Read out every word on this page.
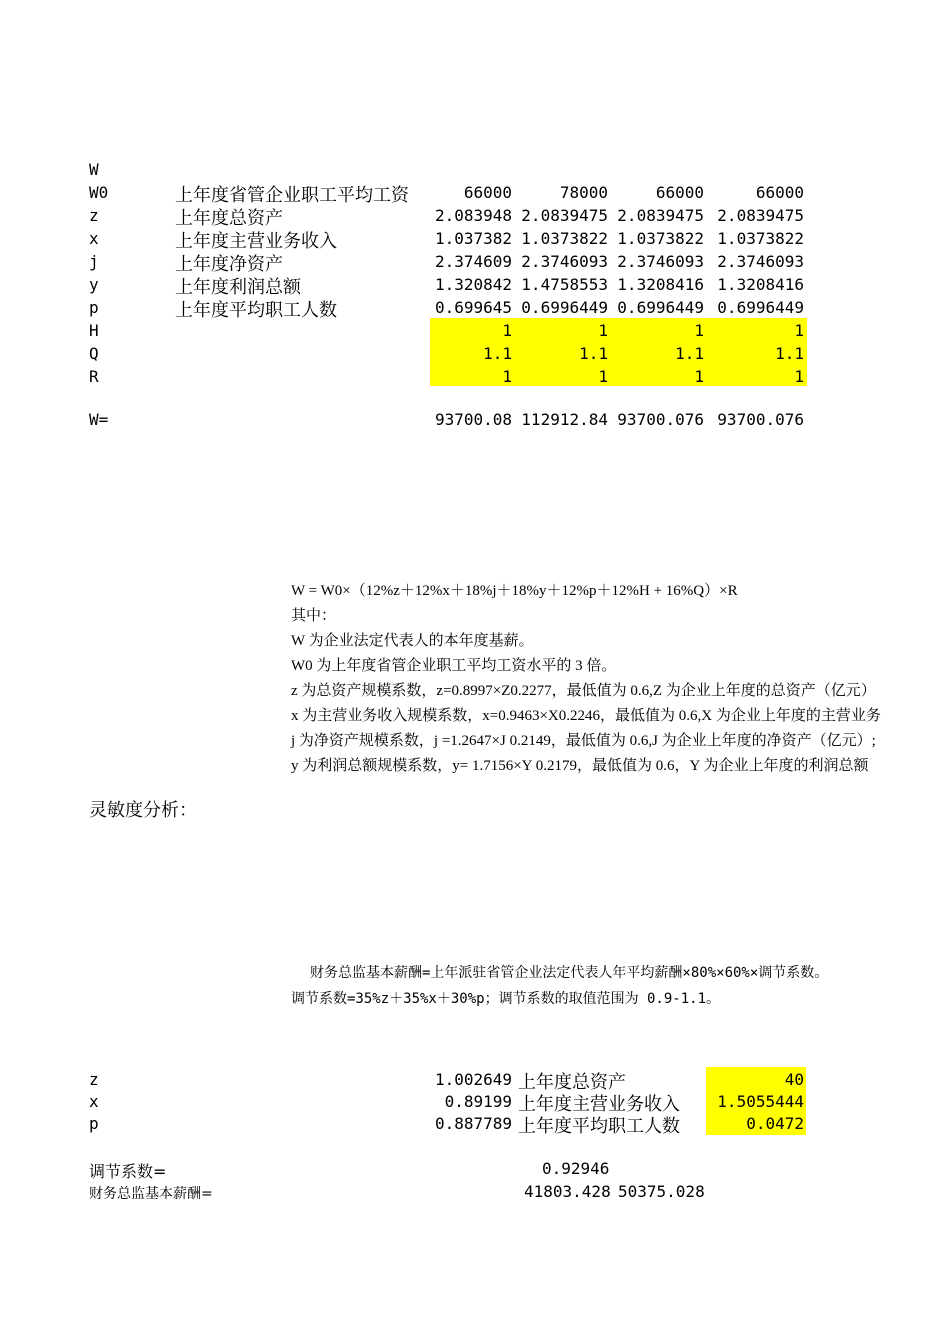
W
W0	上年度省管企业职工平均工资	66000	78000	66000	66000
z	上年度总资产	2.083948 2.0839475 2.0839475 2.0839475
x	上年度主营业务收入	1.037382 1.0373822 1.0373822 1.0373822
j	上年度净资产	2.374609 2.3746093 2.3746093 2.3746093
y	上年度利润总额	1.320842 1.4758553 1.3208416 1.3208416
p	上年度平均职工人数	0.699645 0.6996449 0.6996449 0.6996449
H	1	1	1	1
Q	1.1	1.1	1.1	1.1
R	1	1	1	1
W=	93700.08 112912.84 93700.076 93700.076
W = W0×（12%z＋12%x＋18%j＋18%y＋12%p＋12%H + 16%Q）×R
其中：
W 为企业法定代表人的本年度基薪。
W0 为上年度省管企业职工平均工资水平的 3 倍。
z 为总资产规模系数，z=0.8997×Z0.2277，最低值为 0.6,Z 为企业上年度的总资产（亿元）
x 为主营业务收入规模系数，x=0.9463×X0.2246，最低值为 0.6,X 为企业上年度的主营业务
j 为净资产规模系数，j =1.2647×J 0.2149，最低值为 0.6,J 为企业上年度的净资产（亿元）;
y 为利润总额规模系数，y= 1.7156×Y 0.2179，最低值为 0.6，Y 为企业上年度的利润总额
灵敏度分析：
财务总监基本薪酬=上年派驻省管企业法定代表人年平均薪酬×80%×60%×调节系数。
调节系数=35%z＋35%x＋30%p；调节系数的取值范围为 0.9-1.1。
z	1.002649 上年度总资产	40
x	0.89199 上年度主营业务收入	1.5055444
p	0.887789 上年度平均职工人数	0.0472
调节系数=	0.92946
财务总监基本薪酬=	41803.428 50375.028
